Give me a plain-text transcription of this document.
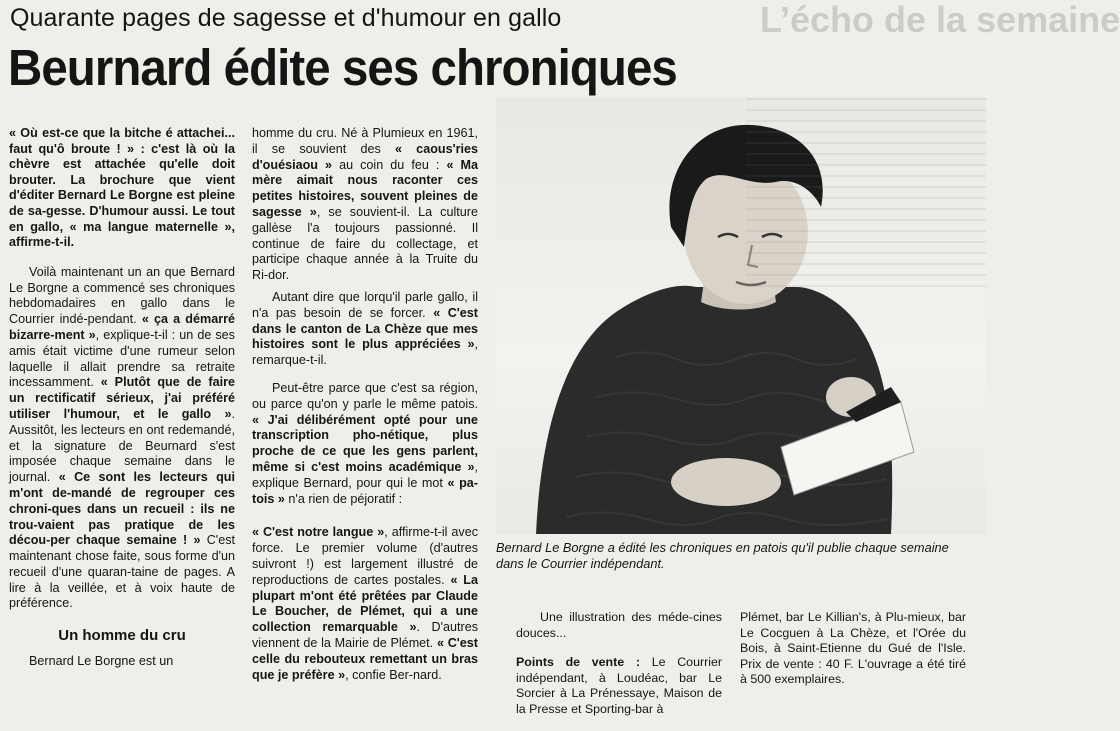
L’écho de la semaine
Quarante pages de sagesse et d'humour en gallo
Beurnard édite ses chroniques

« Où est-ce que la bitche é attachei... faut qu'ô broute ! » : c'est là où la chèvre est attachée qu'elle doit brouter. La brochure que vient d'éditer Bernard Le Borgne est pleine de sa-gesse. D'humour aussi. Le tout en gallo, « ma langue maternelle », affirme-t-il.

Voilà maintenant un an que Bernard Le Borgne a commencé ses chroniques hebdomadaires en gallo dans le Courrier indé-pendant. « ça a démarré bizarre-ment », explique-t-il : un de ses amis était victime d'une rumeur selon laquelle il allait prendre sa retraite incessamment. « Plutôt que de faire un rectificatif sérieux, j'ai préféré utiliser l'humour, et le gallo ». Aussitôt, les lecteurs en ont redemandé, et la signature de Beurnard s'est imposée chaque semaine dans le journal. « Ce sont les lecteurs qui m'ont de-mandé de regrouper ces chroni-ques dans un recueil : ils ne trou-vaient pas pratique de les décou-per chaque semaine ! » C'est maintenant chose faite, sous forme d'un recueil d'une quaran-taine de pages. A lire à la veillée, et à voix haute de préférence.

Un homme du cru

Bernard Le Borgne est un

homme du cru. Né à Plumieux en 1961, il se souvient des « caous'ries d'ouésiaou » au coin du feu : « Ma mère aimait nous raconter ces petites histoires, souvent pleines de sagesse », se souvient-il. La culture gallèse l'a toujours passionné. Il continue de faire du collectage, et participe chaque année à la Truite du Ri-dor.

Autant dire que lorqu'il parle gallo, il n'a pas besoin de se forcer. « C'est dans le canton de La Chèze que mes histoires sont le plus appréciées », remarque-t-il.

Peut-être parce que c'est sa région, ou parce qu'on y parle le même patois. « J'ai délibérément opté pour une transcription pho-nétique, plus proche de ce que les gens parlent, même si c'est moins académique », explique Bernard, pour qui le mot « pa-tois » n'a rien de péjoratif :

« C'est notre langue », affirme-t-il avec force. Le premier volume (d'autres suivront !) est largement illustré de reproductions de cartes postales. « La plupart m'ont été prêtées par Claude Le Boucher, de Plémet, qui a une collection remarquable ». D'autres viennent de la Mairie de Plémet. « C'est celle du rebouteux remettant un bras que je préfère », confie Ber-nard.

Bernard Le Borgne a édité les chroniques en patois qu'il publie chaque semaine dans le Courrier indépendant.

Une illustration des méde-cines douces...

Points de vente : Le Courrier indépendant, à Loudéac, bar Le Sorcier à La Prénessaye, Maison de la Presse et Sporting-bar à

Plémet, bar Le Killian's, à Plu-mieux, bar Le Cocguen à La Chèze, et l'Orée du Bois, à Saint-Etienne du Gué de l'Isle. Prix de vente : 40 F. L'ouvrage a été tiré à 500 exemplaires.
